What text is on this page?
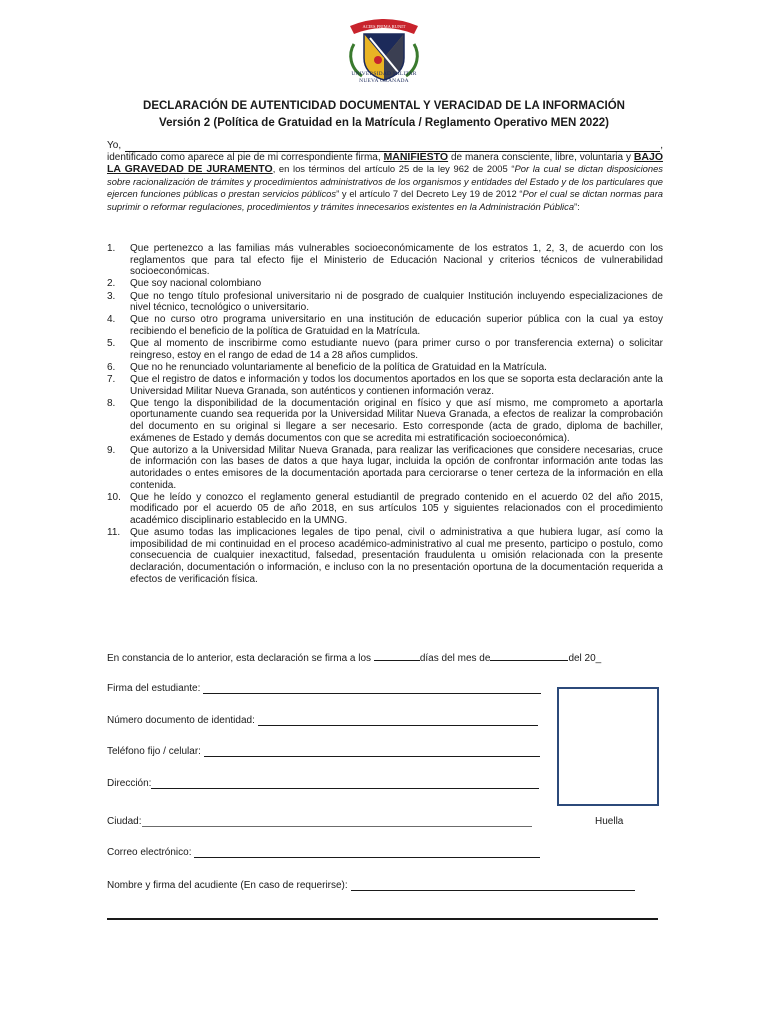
ACIES PRIMA RUNIT
UNIVERSIDAD MILITAR
NUEVA GRANADA
DECLARACIÓN DE AUTENTICIDAD DOCUMENTAL Y VERACIDAD DE LA INFORMACIÓN
Versión 2 (Política de Gratuidad en la Matrícula / Reglamento Operativo MEN 2022)
Yo,	,
identificado como aparece al pie de mi correspondiente firma, MANIFIESTO de manera consciente, libre, voluntaria y BAJO LA GRAVEDAD DE JURAMENTO, en los términos del artículo 25 de la ley 962 de 2005 “Por la cual se dictan disposiciones sobre racionalización de trámites y procedimientos administrativos de los organismos y entidades del Estado y de los particulares que ejercen funciones públicas o prestan servicios públicos” y el artículo 7 del Decreto Ley 19 de 2012 “Por el cual se dictan normas para suprimir o reformar regulaciones, procedimientos y trámites innecesarios existentes en la Administración Pública”:
1. Que pertenezco a las familias más vulnerables socioeconómicamente de los estratos 1, 2, 3, de acuerdo con los reglamentos que para tal efecto fije el Ministerio de Educación Nacional y criterios técnicos de vulnerabilidad socioeconómicas.
2. Que soy nacional colombiano
3. Que no tengo título profesional universitario ni de posgrado de cualquier Institución incluyendo especializaciones de nivel técnico, tecnológico o universitario.
4. Que no curso otro programa universitario en una institución de educación superior pública con la cual ya estoy recibiendo el beneficio de la política de Gratuidad en la Matrícula.
5. Que al momento de inscribirme como estudiante nuevo (para primer curso o por transferencia externa) o solicitar reingreso, estoy en el rango de edad de 14 a 28 años cumplidos.
6. Que no he renunciado voluntariamente al beneficio de la política de Gratuidad en la Matrícula.
7. Que el registro de datos e información y todos los documentos aportados en los que se soporta esta declaración ante la Universidad Militar Nueva Granada, son auténticos y contienen información veraz.
8. Que tengo la disponibilidad de la documentación original en físico y que así mismo, me comprometo a aportarla oportunamente cuando sea requerida por la Universidad Militar Nueva Granada, a efectos de realizar la comprobación del documento en su original si llegare a ser necesario. Esto corresponde (acta de grado, diploma de bachiller, exámenes de Estado y demás documentos con que se acredita mi estratificación socioeconómica).
9. Que autorizo a la Universidad Militar Nueva Granada, para realizar las verificaciones que considere necesarias, cruce de información con las bases de datos a que haya lugar, incluida la opción de confrontar información ante todas las autoridades o entes emisores de la documentación aportada para cerciorarse o tener certeza de la información en ella contenida.
10. Que he leído y conozco el reglamento general estudiantil de pregrado contenido en el acuerdo 02 del año 2015, modificado por el acuerdo 05 de año 2018, en sus artículos 105 y siguientes relacionados con el procedimiento académico disciplinario establecido en la UMNG.
11. Que asumo todas las implicaciones legales de tipo penal, civil o administrativa a que hubiera lugar, así como la imposibilidad de mi continuidad en el proceso académico-administrativo al cual me presento, participo o postulo, como consecuencia de cualquier inexactitud, falsedad, presentación fraudulenta u omisión relacionada con la presente declaración, documentación o información, e incluso con la no presentación oportuna de la documentación requerida a efectos de verificación física.
En constancia de lo anterior, esta declaración se firma a los	días del mes de	del 20_
Firma del estudiante:
Número documento de identidad:
Teléfono fijo / celular:
Dirección:
Ciudad:
Correo electrónico:
Nombre y firma del acudiente (En caso de requerirse):
Huella
